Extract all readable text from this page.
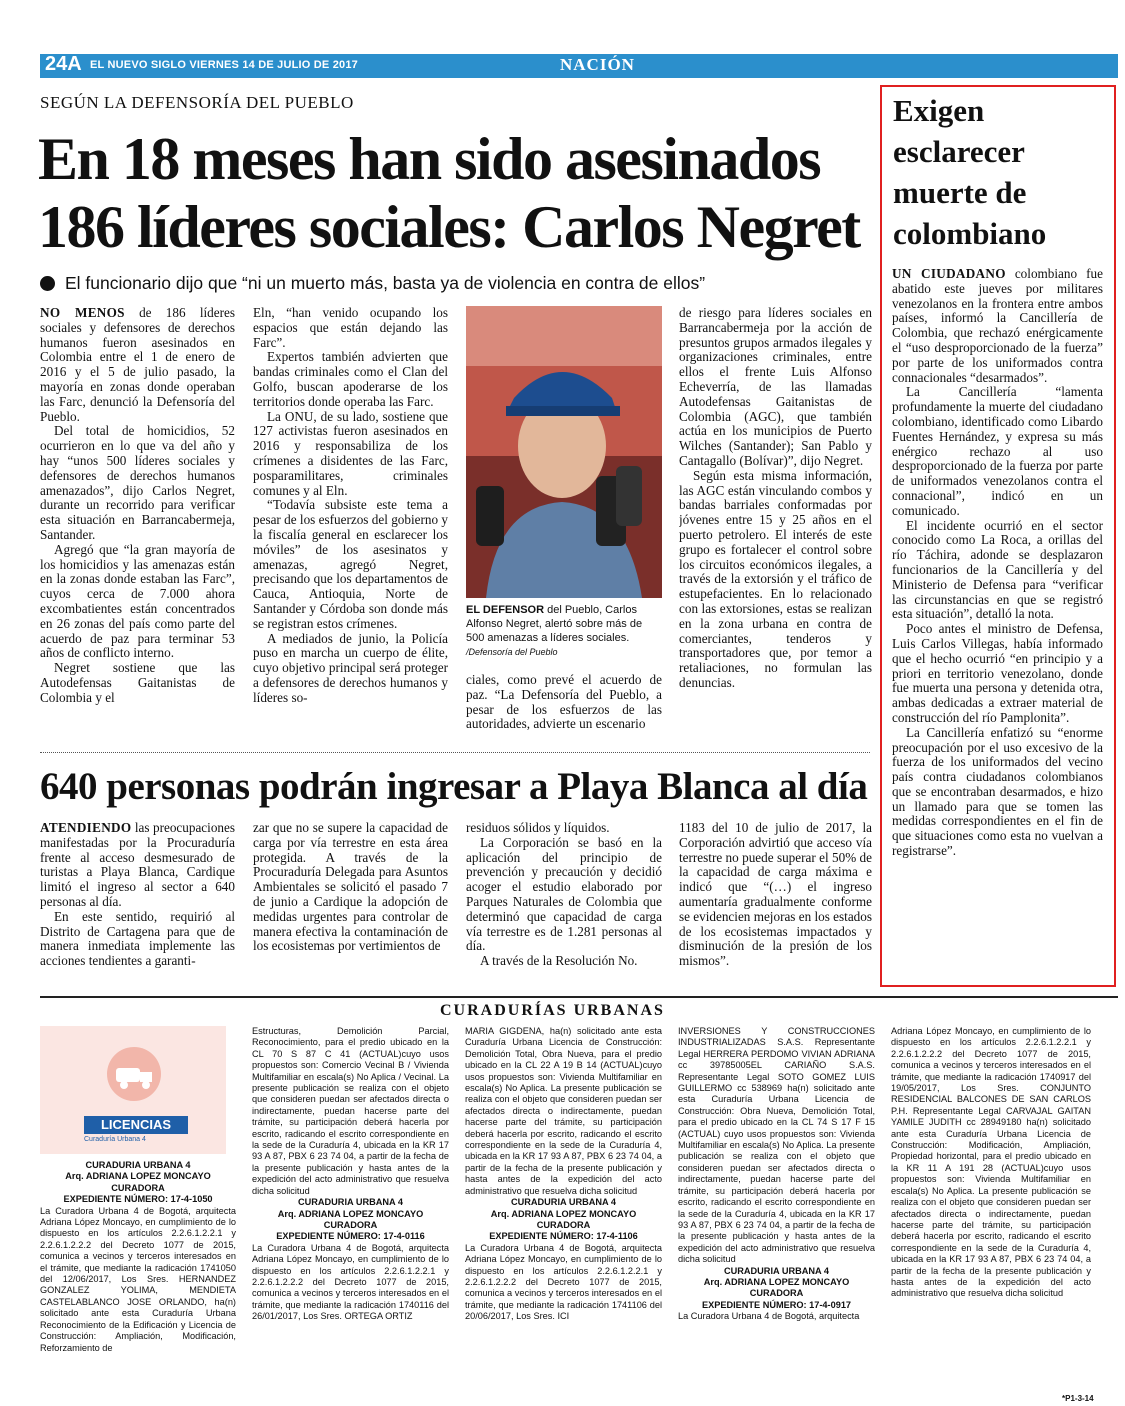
24A EL NUEVO SIGLO VIERNES 14 DE JULIO DE 2017	NACIÓN
SEGÚN LA DEFENSORÍA DEL PUEBLO
En 18 meses han sido asesinados
186 líderes sociales: Carlos Negret
El funcionario dijo que “ni un muerto más, basta ya de violencia en contra de ellos”

NO MENOS de 186 líderes sociales y defensores de derechos humanos fueron asesinados en Colombia entre el 1 de enero de 2016 y el 5 de julio pasado, la mayoría en zonas donde operaban las Farc, denunció la Defensoría del Pueblo.

Del total de homicidios, 52 ocurrieron en lo que va del año y hay “unos 500 líderes sociales y defensores de derechos humanos amenazados”, dijo Carlos Negret, durante un recorrido para verificar esta situación en Barrancabermeja, Santander.

Agregó que “la gran mayoría de los homicidios y las amenazas están en la zonas donde estaban las Farc”, cuyos cerca de 7.000 ahora excombatientes están concentrados en 26 zonas del país como parte del acuerdo de paz para terminar 53 años de conflicto interno.

Negret sostiene que las Autodefensas Gaitanistas de Colombia y el

Eln, “han venido ocupando los espacios que están dejando las Farc”.

Expertos también advierten que bandas criminales como el Clan del Golfo, buscan apoderarse de los territorios donde operaba las Farc.

La ONU, de su lado, sostiene que 127 activistas fueron asesinados en 2016 y responsabiliza de los crímenes a disidentes de las Farc, posparamilitares, criminales comunes y al Eln.

“Todavía subsiste este tema a pesar de los esfuerzos del gobierno y la fiscalía general en esclarecer los móviles” de los asesinatos y amenazas, agregó Negret, precisando que los departamentos de Cauca, Antioquia, Norte de Santander y Córdoba son donde más se registran estos crímenes.

A mediados de junio, la Policía puso en marcha un cuerpo de élite, cuyo objetivo principal será proteger a defensores de derechos humanos y líderes so-

EL DEFENSOR del Pueblo, Carlos Alfonso Negret, alertó sobre más de 500 amenazas a líderes sociales.
/Defensoría del Pueblo

ciales, como prevé el acuerdo de paz. “La Defensoría del Pueblo, a pesar de los esfuerzos de las autoridades, advierte un escenario

de riesgo para líderes sociales en Barrancabermeja por la acción de presuntos grupos armados ilegales y organizaciones criminales, entre ellos el frente Luis Alfonso Echeverría, de las llamadas Autodefensas Gaitanistas de Colombia (AGC), que también actúa en los municipios de Puerto Wilches (Santander); San Pablo y Cantagallo (Bolívar)”, dijo Negret.

Según esta misma información, las AGC están vinculando combos y bandas barriales conformadas por jóvenes entre 15 y 25 años en el puerto petrolero. El interés de este grupo es fortalecer el control sobre los circuitos económicos ilegales, a través de la extorsión y el tráfico de estupefacientes. En lo relacionado con las extorsiones, estas se realizan en la zona urbana en contra de comerciantes, tenderos y transportadores que, por temor a retaliaciones, no formulan las denuncias.

640 personas podrán ingresar a Playa Blanca al día

ATENDIENDO las preocupaciones manifestadas por la Procuraduría frente al acceso desmesurado de turistas a Playa Blanca, Cardique limitó el ingreso al sector a 640 personas al día.

En este sentido, requirió al Distrito de Cartagena para que de manera inmediata implemente las acciones tendientes a garanti-

zar que no se supere la capacidad de carga por vía terrestre en esta área protegida. A través de la Procuraduría Delegada para Asuntos Ambientales se solicitó el pasado 7 de junio a Cardique la adopción de medidas urgentes para controlar de manera efectiva la contaminación de los ecosistemas por vertimientos de

residuos sólidos y líquidos.

La Corporación se basó en la aplicación del principio de prevención y precaución y decidió acoger el estudio elaborado por Parques Naturales de Colombia que determinó que capacidad de carga vía terrestre es de 1.281 personas al día.

A través de la Resolución No.

1183 del 10 de julio de 2017, la Corporación advirtió que acceso vía terrestre no puede superar el 50% de la capacidad de carga máxima e indicó que “(…) el ingreso aumentaría gradualmente conforme se evidencien mejoras en los estados de los ecosistemas impactados y disminución de la presión de los mismos”.

Exigen esclarecer muerte de colombiano

UN CIUDADANO colombiano fue abatido este jueves por militares venezolanos en la frontera entre ambos países, informó la Cancillería de Colombia, que rechazó enérgicamente el “uso desproporcionado de la fuerza” por parte de los uniformados contra connacionales “desarmados”.

La Cancillería “lamenta profundamente la muerte del ciudadano colombiano, identificado como Libardo Fuentes Hernández, y expresa su más enérgico rechazo al uso desproporcionado de la fuerza por parte de uniformados venezolanos contra el connacional”, indicó en un comunicado.

El incidente ocurrió en el sector conocido como La Roca, a orillas del río Táchira, adonde se desplazaron funcionarios de la Cancillería y del Ministerio de Defensa para “verificar las circunstancias en que se registró esta situación”, detalló la nota.

Poco antes el ministro de Defensa, Luis Carlos Villegas, había informado que el hecho ocurrió “en principio y a priori en territorio venezolano, donde fue muerta una persona y detenida otra, ambas dedicadas a extraer material de construcción del río Pamplonita”.

La Cancillería enfatizó su “enorme preocupación por el uso excesivo de la fuerza de los uniformados del vecino país contra ciudadanos colombianos que se encontraban desarmados, e hizo un llamado para que se tomen las medidas correspondientes en el fin de que situaciones como esta no vuelvan a registrarse”.

CURADURÍAS URBANAS
LICENCIAS
Curaduría Urbana 4

CURADURIA URBANA 4

Arq. ADRIANA LOPEZ MONCAYO

CURADORA

EXPEDIENTE NÚMERO: 17-4-1050

La Curadora Urbana 4 de Bogotá, arquitecta Adriana López Moncayo, en cumplimiento de lo dispuesto en los artículos 2.2.6.1.2.2.1 y 2.2.6.1.2.2.2 del Decreto 1077 de 2015, comunica a vecinos y terceros interesados en el trámite, que mediante la radicación 1741050 del 12/06/2017, Los Sres. HERNANDEZ GONZALEZ YOLIMA, MENDIETA CASTELABLANCO JOSE ORLANDO, ha(n) solicitado ante esta Curaduría Urbana Reconocimiento de la Edificación y Licencia de Construcción: Ampliación, Modificación, Reforzamiento de

Estructuras, Demolición Parcial, Reconocimiento, para el predio ubicado en la CL 70 S 87 C 41 (ACTUAL)cuyo usos propuestos son: Comercio Vecinal B / Vivienda Multifamiliar en escala(s) No Aplica / Vecinal. La presente publicación se realiza con el objeto que consideren puedan ser afectados directa o indirectamente, puedan hacerse parte del trámite, su participación deberá hacerla por escrito, radicando el escrito correspondiente en la sede de la Curaduría 4, ubicada en la KR 17 93 A 87, PBX 6 23 74 04, a partir de la fecha de la presente publicación y hasta antes de la expedición del acto administrativo que resuelva dicha solicitud

CURADURIA URBANA 4

Arq. ADRIANA LOPEZ MONCAYO

CURADORA

EXPEDIENTE NÚMERO: 17-4-0116

La Curadora Urbana 4 de Bogotá, arquitecta Adriana López Moncayo, en cumplimiento de lo dispuesto en los artículos 2.2.6.1.2.2.1 y 2.2.6.1.2.2.2 del Decreto 1077 de 2015, comunica a vecinos y terceros interesados en el trámite, que mediante la radicación 1740116 del 26/01/2017, Los Sres. ORTEGA ORTIZ

MARIA GIGDENA, ha(n) solicitado ante esta Curaduría Urbana Licencia de Construcción: Demolición Total, Obra Nueva, para el predio ubicado en la CL 22 A 19 B 14 (ACTUAL)cuyo usos propuestos son: Vivienda Multifamiliar en escala(s) No Aplica. La presente publicación se realiza con el objeto que consideren puedan ser afectados directa o indirectamente, puedan hacerse parte del trámite, su participación deberá hacerla por escrito, radicando el escrito correspondiente en la sede de la Curaduría 4, ubicada en la KR 17 93 A 87, PBX 6 23 74 04, a partir de la fecha de la presente publicación y hasta antes de la expedición del acto administrativo que resuelva dicha solicitud

CURADURIA URBANA 4

Arq. ADRIANA LOPEZ MONCAYO

CURADORA

EXPEDIENTE NÚMERO: 17-4-1106

La Curadora Urbana 4 de Bogotá, arquitecta Adriana López Moncayo, en cumplimiento de lo dispuesto en los artículos 2.2.6.1.2.2.1 y 2.2.6.1.2.2.2 del Decreto 1077 de 2015, comunica a vecinos y terceros interesados en el trámite, que mediante la radicación 1741106 del 20/06/2017, Los Sres. ICI

INVERSIONES Y CONSTRUCCIONES INDUSTRIALIZADAS S.A.S. Representante Legal HERRERA PERDOMO VIVIAN ADRIANA cc 39785005EL CARIAÑO S.A.S. Representante Legal SOTO GOMEZ LUIS GUILLERMO cc 538969 ha(n) solicitado ante esta Curaduría Urbana Licencia de Construcción: Obra Nueva, Demolición Total, para el predio ubicado en la CL 74 S 17 F 15 (ACTUAL) cuyo usos propuestos son: Vivienda Multifamiliar en escala(s) No Aplica. La presente publicación se realiza con el objeto que consideren puedan ser afectados directa o indirectamente, puedan hacerse parte del trámite, su participación deberá hacerla por escrito, radicando el escrito correspondiente en la sede de la Curaduría 4, ubicada en la KR 17 93 A 87, PBX 6 23 74 04, a partir de la fecha de la presente publicación y hasta antes de la expedición del acto administrativo que resuelva dicha solicitud

CURADURIA URBANA 4

Arq. ADRIANA LOPEZ MONCAYO

CURADORA

EXPEDIENTE NÚMERO: 17-4-0917

La Curadora Urbana 4 de Bogotá, arquitecta

Adriana López Moncayo, en cumplimiento de lo dispuesto en los artículos 2.2.6.1.2.2.1 y 2.2.6.1.2.2.2 del Decreto 1077 de 2015, comunica a vecinos y terceros interesados en el trámite, que mediante la radicación 1740917 del 19/05/2017, Los Sres. CONJUNTO RESIDENCIAL BALCONES DE SAN CARLOS P.H. Representante Legal CARVAJAL GAITAN YAMILE JUDITH cc 28949180 ha(n) solicitado ante esta Curaduría Urbana Licencia de Construcción: Modificación, Ampliación, Propiedad horizontal, para el predio ubicado en la KR 11 A 191 28 (ACTUAL)cuyo usos propuestos son: Vivienda Multifamiliar en escala(s) No Aplica. La presente publicación se realiza con el objeto que consideren puedan ser afectados directa o indirectamente, puedan hacerse parte del trámite, su participación deberá hacerla por escrito, radicando el escrito correspondiente en la sede de la Curaduría 4, ubicada en la KR 17 93 A 87, PBX 6 23 74 04, a partir de la fecha de la presente publicación y hasta antes de la expedición del acto administrativo que resuelva dicha solicitud

*P1-3-14
